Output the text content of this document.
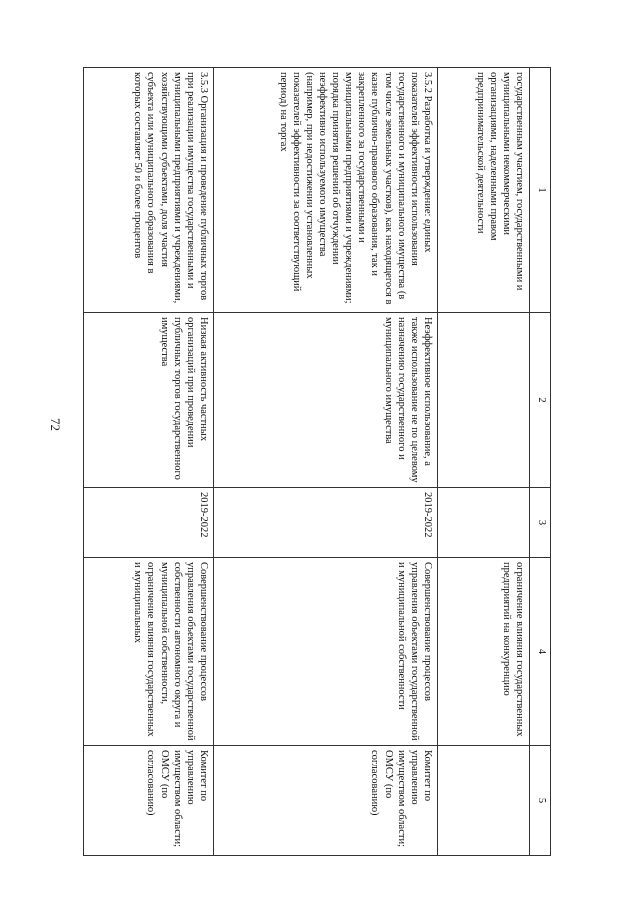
72
1	2	3	4	5
государственным участием, государственными и муниципальными некоммерческими организациями, наделенными правом предпринимательской деятельности			ограничение влияния государственных предприятий на конкуренцию	
3.5.2 Разработка и утверждение: единых показателей эффективности использования государственного и муниципального имущества (в том числе земельных участков), как находящегося в казне публично-правового образования, так и закрепленного за государственными и муниципальными предприятиями и учреждениями; порядка принятия решений об отчуждении неэффективно используемого имущества (например, при недостижении установленных показателей эффективности за соответствующий период) на торгах	Неэффективное использование, а также использование не по целевому назначению государственного и муниципального имущества	2019-2022	Совершенствование процессов управления объектами государственной и муниципальной собственности	Комитет по управлению имуществом области; ОМСУ (по согласованию)
3.5.3 Организация и проведение публичных торгов при реализации имущества государственными и муниципальными предприятиями и учреждениями, хозяйствующими субъектами, доля участия субъекта или муниципального образования в которых составляет 50 и более процентов	Низкая активность частных организаций при проведении публичных торгов государственного имущества	2019-2022	Совершенствование процессов управления объектами государственной собственности автономного округа и муниципальной собственности, ограничение влияния государственных и муниципальных	Комитет по управлению имуществом области; ОМСУ (по согласованию)
